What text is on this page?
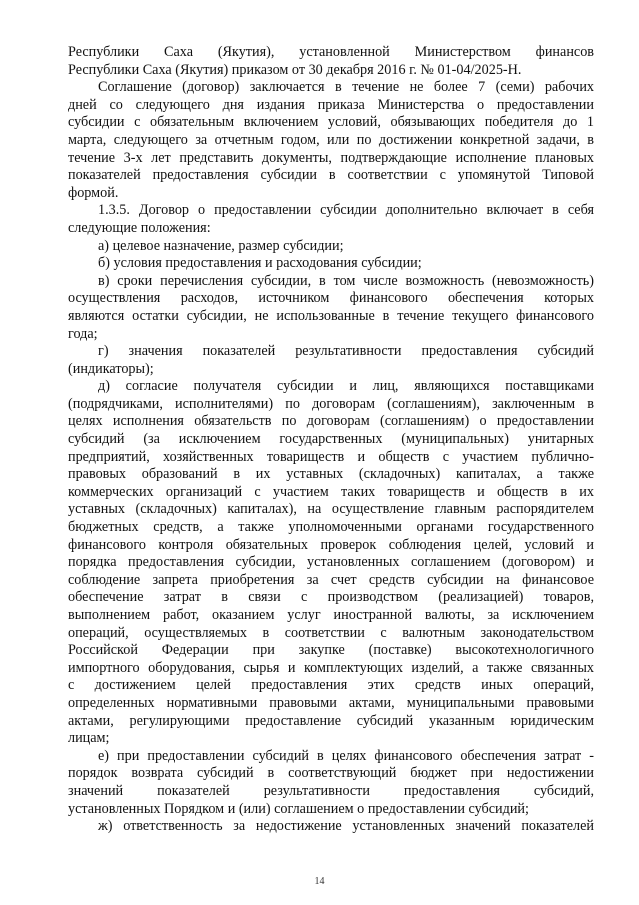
Республики Саха (Якутия), установленной Министерством финансов
Республики Саха (Якутия) приказом от 30 декабря 2016 г. № 01-04/2025-Н.
Соглашение (договор) заключается в течение не более 7 (семи) рабочих
дней со следующего дня издания приказа Министерства о предоставлении
субсидии с обязательным включением условий, обязывающих победителя до 1
марта, следующего за отчетным годом, или по достижении конкретной задачи, в
течение 3-х лет представить документы, подтверждающие исполнение плановых
показателей предоставления субсидии в соответствии с упомянутой Типовой
формой.
1.3.5. Договор о предоставлении субсидии дополнительно включает в себя
следующие положения:
а) целевое назначение, размер субсидии;
б) условия предоставления и расходования субсидии;
в) сроки перечисления субсидии, в том числе возможность (невозможность)
осуществления расходов, источником финансового обеспечения которых
являются остатки субсидии, не использованные в течение текущего финансового
года;
г) значения показателей результативности предоставления субсидий
(индикаторы);
д) согласие получателя субсидии и лиц, являющихся поставщиками
(подрядчиками, исполнителями) по договорам (соглашениям), заключенным в
целях исполнения обязательств по договорам (соглашениям) о предоставлении
субсидий (за исключением государственных (муниципальных) унитарных
предприятий, хозяйственных товариществ и обществ с участием публично-
правовых образований в их уставных (складочных) капиталах, а также
коммерческих организаций с участием таких товариществ и обществ в их
уставных (складочных) капиталах), на осуществление главным распорядителем
бюджетных средств, а также уполномоченными органами государственного
финансового контроля обязательных проверок соблюдения целей, условий и
порядка предоставления субсидии, установленных соглашением (договором) и
соблюдение запрета приобретения за счет средств субсидии на финансовое
обеспечение затрат в связи с производством (реализацией) товаров,
выполнением работ, оказанием услуг иностранной валюты, за исключением
операций, осуществляемых в соответствии с валютным законодательством
Российской Федерации при закупке (поставке) высокотехнологичного
импортного оборудования, сырья и комплектующих изделий, а также связанных
с достижением целей предоставления этих средств иных операций,
определенных нормативными правовыми актами, муниципальными правовыми
актами, регулирующими предоставление субсидий указанным юридическим
лицам;
е) при предоставлении субсидий в целях финансового обеспечения затрат -
порядок возврата субсидий в соответствующий бюджет при недостижении
значений показателей результативности предоставления субсидий,
установленных Порядком и (или) соглашением о предоставлении субсидий;
ж) ответственность за недостижение установленных значений показателей
14
